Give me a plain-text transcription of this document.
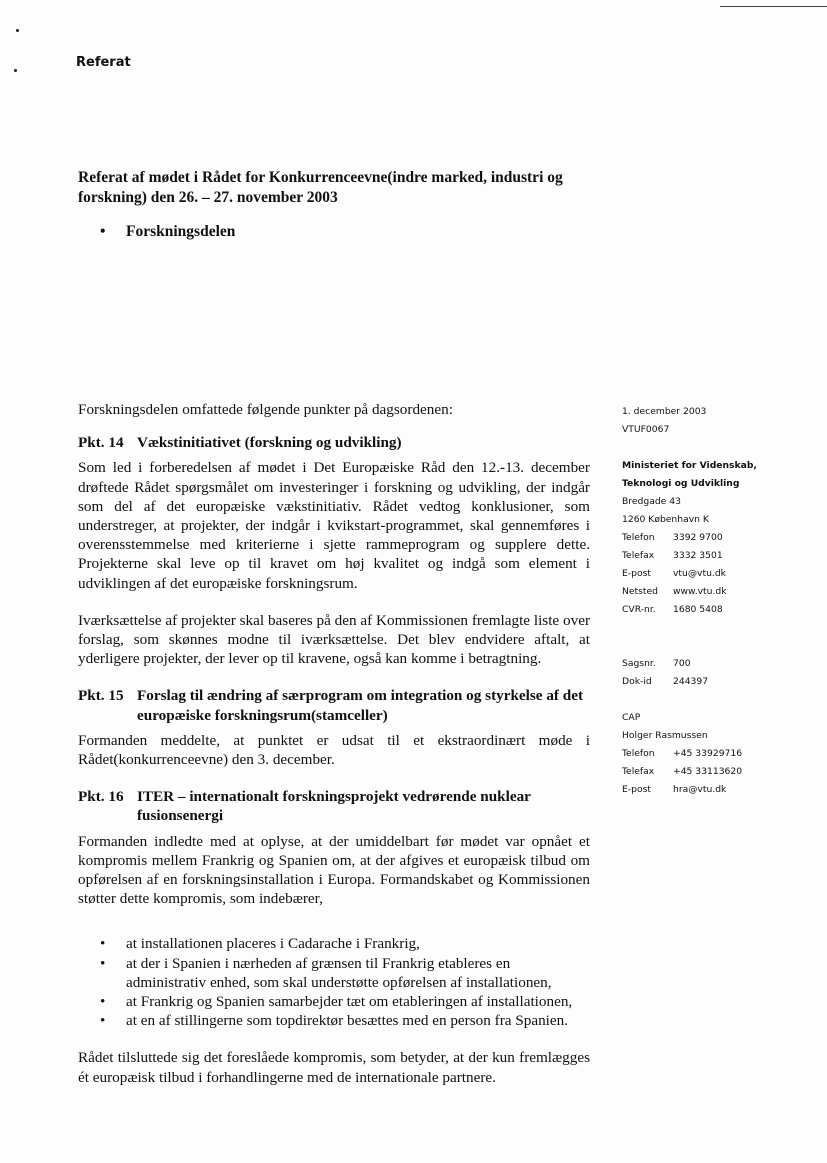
Referat
Referat af mødet i Rådet for Konkurrenceevne(indre marked, industri og forskning) den 26. – 27. november 2003
• Forskningsdelen

Forskningsdelen omfattede følgende punkter på dagsordenen:

Pkt. 14 Vækstinitiativet (forskning og udvikling)

Som led i forberedelsen af mødet i Det Europæiske Råd den 12.-13. december drøftede Rådet spørgsmålet om investeringer i forskning og udvikling, der indgår som del af det europæiske vækstinitiativ. Rådet vedtog konklusioner, som understreger, at projekter, der indgår i kvikstart-programmet, skal gennemføres i overensstemmelse med kriterierne i sjette rammeprogram og supplere dette. Projekterne skal leve op til kravet om høj kvalitet og indgå som element i udviklingen af det europæiske forskningsrum.

Iværksættelse af projekter skal baseres på den af Kommissionen fremlagte liste over forslag, som skønnes modne til iværksættelse. Det blev endvidere aftalt, at yderligere projekter, der lever op til kravene, også kan komme i betragtning.

Pkt. 15 Forslag til ændring af særprogram om integration og styrkelse af det europæiske forskningsrum(stamceller)

Formanden meddelte, at punktet er udsat til et ekstraordinært møde i Rådet(konkurrenceevne) den 3. december.

Pkt. 16 ITER – internationalt forskningsprojekt vedrørende nuklear fusionsenergi

Formanden indledte med at oplyse, at der umiddelbart før mødet var opnået et kompromis mellem Frankrig og Spanien om, at der afgives et europæisk tilbud om opførelsen af en forskningsinstallation i Europa. Formandskabet og Kommissionen støtter dette kompromis, som indebærer,

• at installationen placeres i Cadarache i Frankrig,
• at der i Spanien i nærheden af grænsen til Frankrig etableres en administrativ enhed, som skal understøtte opførelsen af installationen,
• at Frankrig og Spanien samarbejder tæt om etableringen af installationen,
• at en af stillingerne som topdirektør besættes med en person fra Spanien.

Rådet tilsluttede sig det foreslåede kompromis, som betyder, at der kun fremlægges ét europæisk tilbud i forhandlingerne med de internationale partnere.

1. december 2003
VTUF0067
Ministeriet for Videnskab,
Teknologi og Udvikling
Bredgade 43
1260 København K
Telefon	3392 9700
Telefax	3332 3501
E-post	vtu@vtu.dk
Netsted	www.vtu.dk
CVR-nr.	1680 5408
Sagsnr.	700
Dok-id	244397
CAP
Holger Rasmussen
Telefon	+45 33929716
Telefax	+45 33113620
E-post	hra@vtu.dk
